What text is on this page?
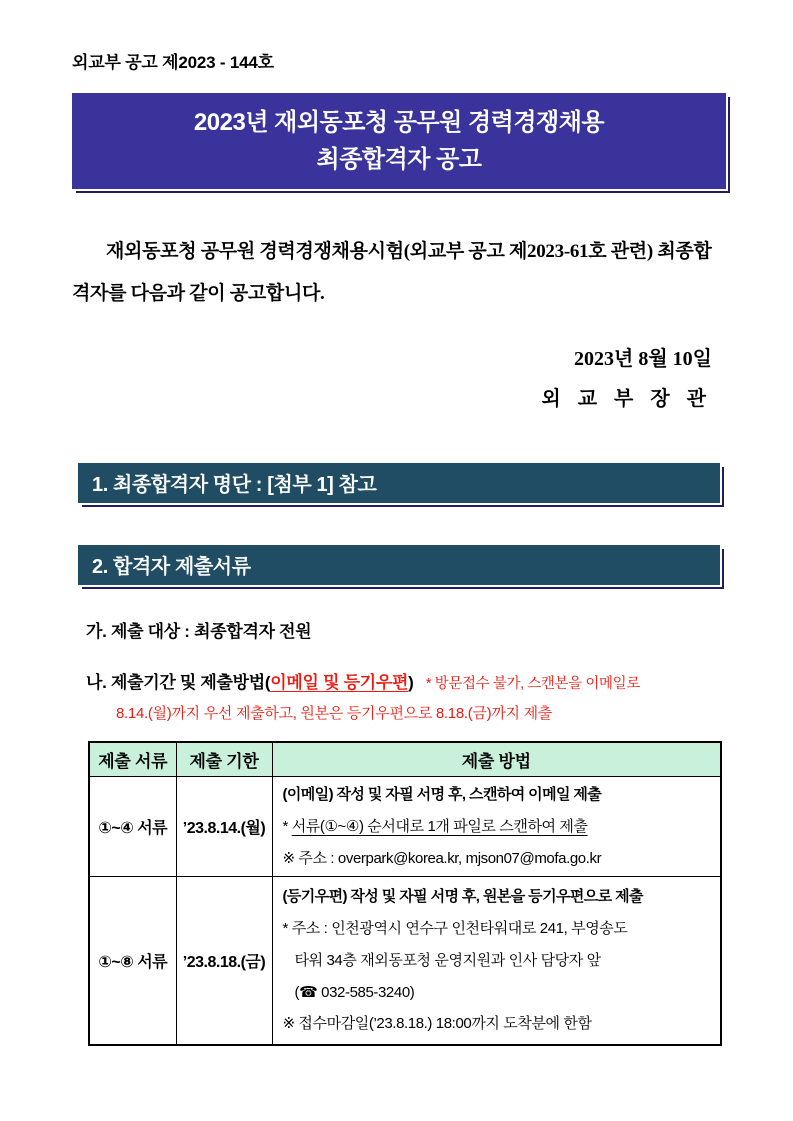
외교부 공고 제2023 - 144호
2023년 재외동포청 공무원 경력경쟁채용
최종합격자 공고

재외동포청 공무원 경력경쟁채용시험(외교부 공고 제2023-61호 관련) 최종합격자를 다음과 같이 공고합니다.

2023년 8월 10일
외 교 부 장 관
1. 최종합격자 명단 : [첨부 1] 참고
2. 합격자 제출서류
가. 제출 대상 : 최종합격자 전원
나. 제출기간 및 제출방법(이메일 및 등기우편) * 방문접수 불가, 스캔본을 이메일로
8.14.(월)까지 우선 제출하고, 원본은 등기우편으로 8.18.(금)까지 제출
제출 서류	제출 기한	제출 방법
①~④ 서류	’23.8.14.(월)	(이메일) 작성 및 자필 서명 후, 스캔하여 이메일 제출
* 서류(①~④) 순서대로 1개 파일로 스캔하여 제출
※ 주소 : overpark@korea.kr, mjson07@mofa.go.kr

①~⑧ 서류	’23.8.18.(금)	(등기우편) 작성 및 자필 서명 후, 원본을 등기우편으로 제출
* 주소 : 인천광역시 연수구 인천타워대로 241, 부영송도
타워 34층 재외동포청 운영지원과 인사 담당자 앞
(☎ 032-585-3240)
※ 접수마감일(’23.8.18.) 18:00까지 도착분에 한함
